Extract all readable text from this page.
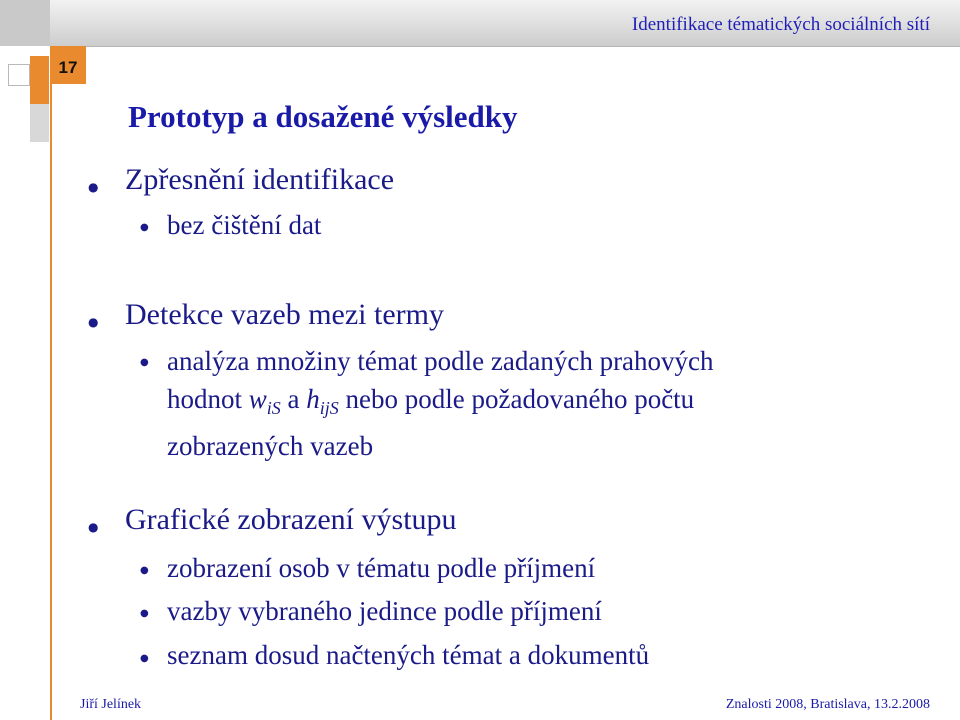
Identifikace tématických sociálních sítí
17
Prototyp a dosažené výsledky
● Zpřesnění identifikace
● bez čištění dat
● Detekce vazeb mezi termy
● analýza množiny témat podle zadaných prahových
hodnot $w_{iS}$ a $h_{ijS}$ nebo podle požadovaného počtu
zobrazených vazeb
● Grafické zobrazení výstupu
● zobrazení osob v tématu podle příjmení
● vazby vybraného jedince podle příjmení
● seznam dosud načtených témat a dokumentů
Jiří Jelínek	Znalosti 2008, Bratislava, 13.2.2008
